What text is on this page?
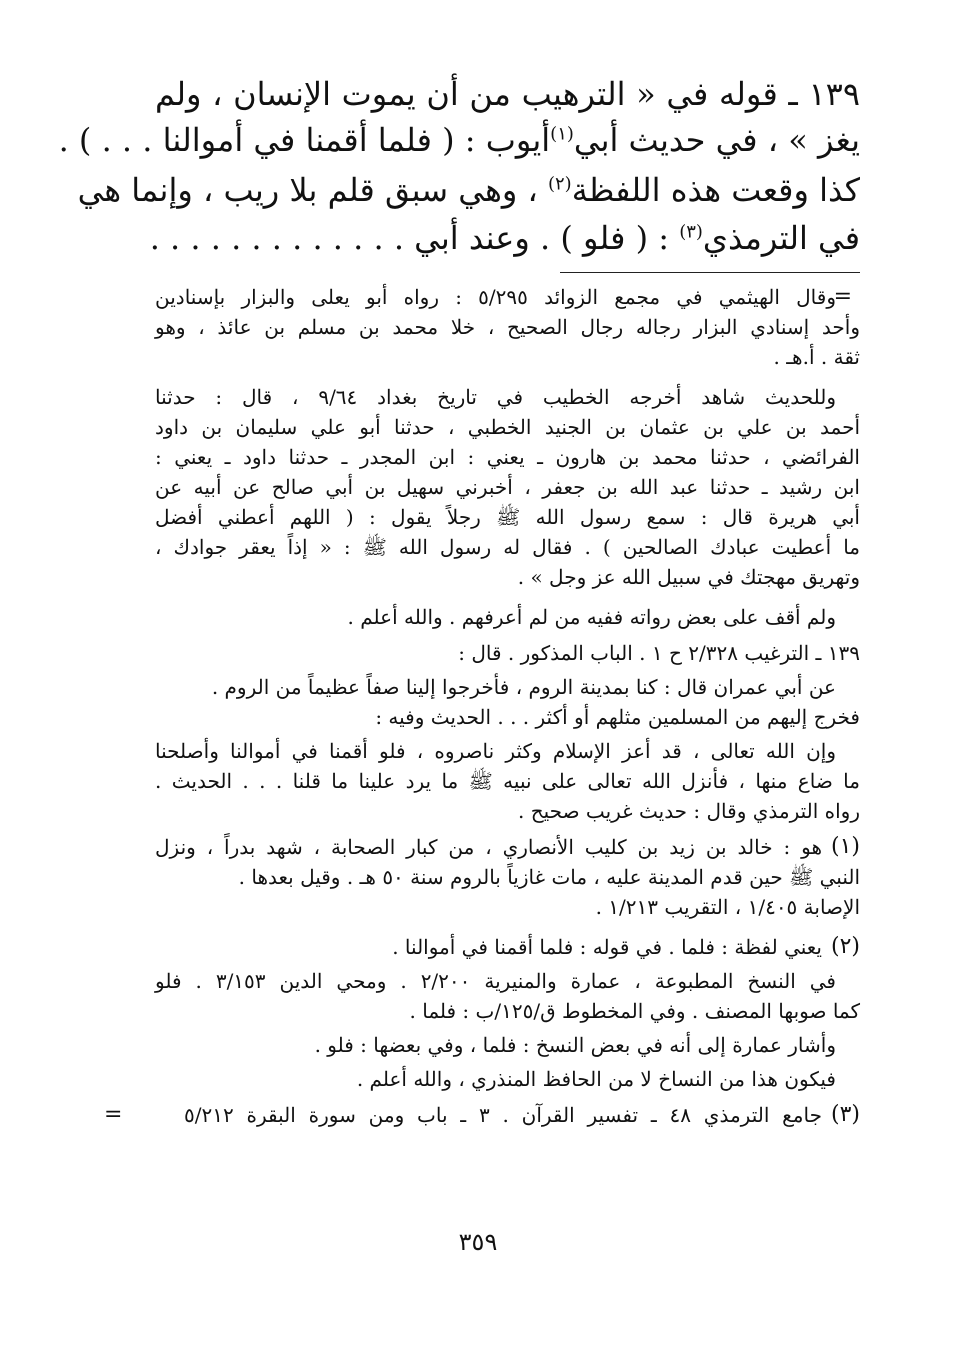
١٣٩ ـ قوله في « الترهيب من أن يموت الإنسان ، ولم
يغز » ، في حديث أبي$^{(١)}$أيوب : ( فلما أقمنا في أموالنا . . . ) .
كذا وقعت هذه اللفظة$^{(٢)}$ ، وهي سبق قلم بلا ريب ، وإنما هي
في الترمذي$^{(٣)}$ : ( فلو ) . وعند أبي . . . . . . . . . . . . .
=
وقال الهيثمي في مجمع الزوائد ٥/٢٩٥ : رواه أبو يعلى والبزار بإسنادين
وأحد إسنادي البزار رجاله رجال الصحيح ، خلا محمد بن مسلم بن عائذ ، وهو
ثقة . أ.هـ .
وللحديث شاهد أخرجه الخطيب في تاريخ بغداد ٩/٦٤ ، قال : حدثنا
أحمد بن علي بن عثمان بن الجنيد الخطبي ، حدثنا أبو علي سليمان بن داود
الفرائضي ، حدثنا محمد بن هارون ـ يعني : ابن المجدر ـ حدثنا داود ـ يعني :
ابن رشيد ـ حدثنا عبد الله بن جعفر ، أخبرني سهيل بن أبي صالح عن أبيه عن
أبي هريرة قال : سمع رسول الله ﷺ رجلاً يقول : ( اللهم أعطني أفضل
ما أعطيت عبادك الصالحين ) . فقال له رسول الله ﷺ : « إذاً يعقر جوادك ،
وتهريق مهجتك في سبيل الله عز وجل » .
ولم أقف على بعض رواته ففيه من لم أعرفهم . والله أعلم .
١٣٩ ـ الترغيب ٢/٣٢٨ ح ١ . الباب المذكور . قال :
عن أبي عمران قال : كنا بمدينة الروم ، فأخرجوا إلينا صفاً عظيماً من الروم .
فخرج إليهم من المسلمين مثلهم أو أكثر . . . الحديث وفيه :
وإن الله تعالى ، قد أعز الإسلام وكثر ناصروه ، فلو أقمنا في أموالنا وأصلحنا
ما ضاع منها ، فأنزل الله تعالى على نبيه ﷺ ما يرد علينا ما قلنا . . . الحديث .
رواه الترمذي وقال : حديث غريب صحيح .
(١)
هو : خالد بن زيد بن كليب الأنصاري ، من كبار الصحابة ، شهد بدراً ، ونزل
النبي ﷺ حين قدم المدينة عليه ، مات غازياً بالروم سنة ٥٠ هـ . وقيل بعدها .
الإصابة ١/٤٠٥ ، التقريب ١/٢١٣ .
(٢)
يعني لفظة : فلما . في قوله : فلما أقمنا في أموالنا .
في النسخ المطبوعة ، عمارة والمنيرية ٢/٢٠٠ . ومحي الدين ٣/١٥٣ . فلو
كما صوبها المصنف . وفي المخطوط ق/١٢٥/ب : فلما .
وأشار عمارة إلى أنه في بعض النسخ : فلما ، وفي بعضها : فلو .
فيكون هذا من النساخ لا من الحافظ المنذري ، والله أعلم .
(٣)
جامع الترمذي ٤٨ ـ تفسير القرآن . ٣ ـ باب ومن سورة البقرة ٥/٢١٢
=
٣٥٩
